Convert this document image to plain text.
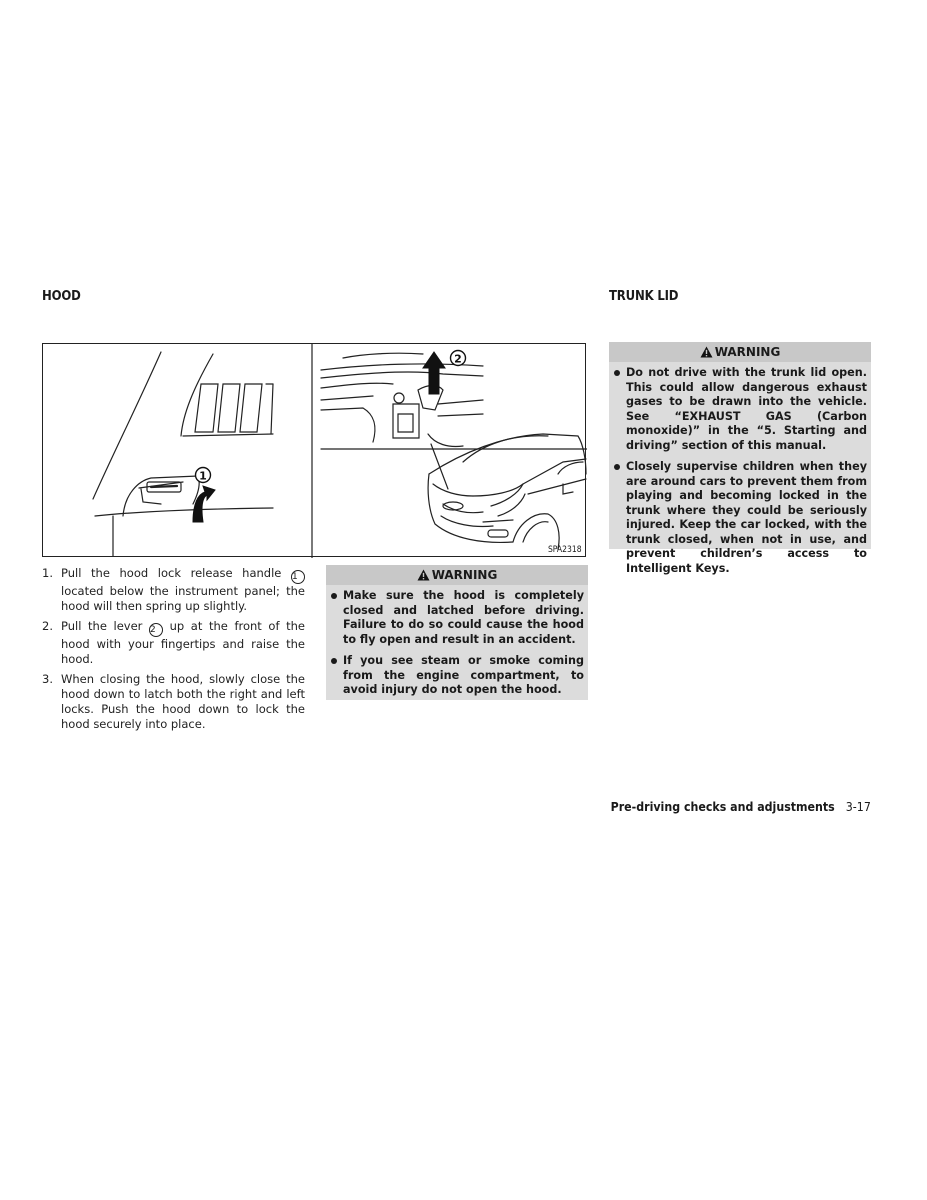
HOOD	TRUNK LID
1
2
SPA2318
1. Pull the hood lock release handle 1 located below the instrument panel; the hood will then spring up slightly.
2. Pull the lever 2 up at the front of the hood with your fingertips and raise the hood.
3. When closing the hood, slowly close the hood down to latch both the right and left locks. Push the hood down to lock the hood securely into place.
WARNING
Make sure the hood is completely closed and latched before driving. Failure to do so could cause the hood to fly open and result in an accident.
If you see steam or smoke coming from the engine compartment, to avoid injury do not open the hood.
WARNING
Do not drive with the trunk lid open. This could allow dangerous exhaust gases to be drawn into the vehicle. See “EXHAUST GAS (Carbon monoxide)” in the “5. Starting and driving” section of this manual.
Closely supervise children when they are around cars to prevent them from playing and becoming locked in the trunk where they could be seriously injured. Keep the car locked, with the trunk closed, when not in use, and prevent children’s access to Intelligent Keys.
Pre-driving checks and adjustments 3-17
